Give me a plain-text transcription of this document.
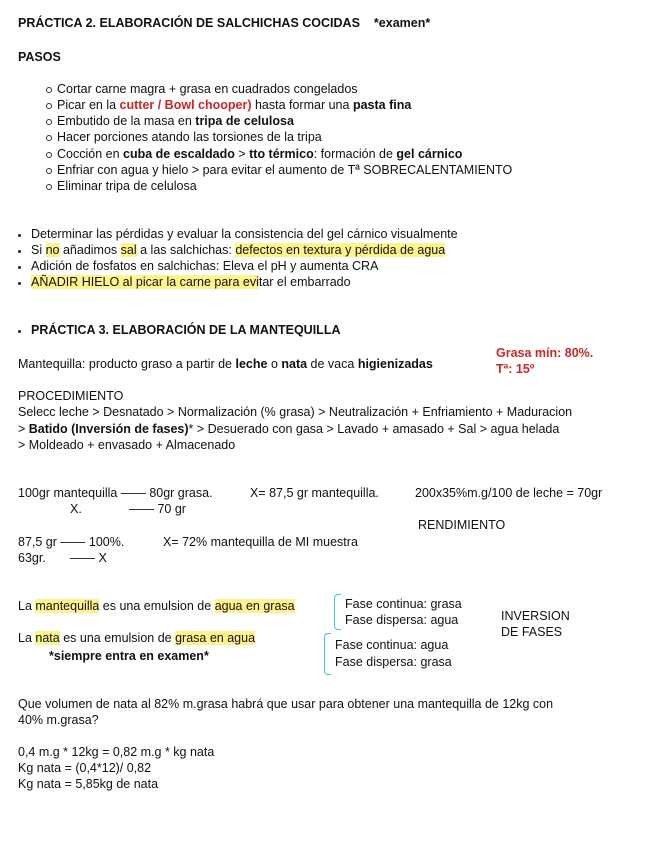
PRÁCTICA 2. ELABORACIÓN DE SALCHICHAS COCIDAS *examen*
PASOS
Cortar carne magra + grasa en cuadrados congelados
Picar en la cutter / Bowl chooper) hasta formar una pasta fina
Embutido de la masa en tripa de celulosa
Hacer porciones atando las torsiones de la tripa
Cocción en cuba de escaldado > tto térmico: formación de gel cárnico
Enfriar con agua y hielo > para evitar el aumento de Tª SOBRECALENTAMIENTO
Eliminar tripa de celulosa
Determinar las pérdidas y evaluar la consistencia del gel cárnico visualmente
Si no añadimos sal a las salchichas: defectos en textura y pérdida de agua
Adición de fosfatos en salchichas: Eleva el pH y aumenta CRA
AÑADIR HIELO al picar la carne para evitar el embarrado
PRÁCTICA 3. ELABORACIÓN DE LA MANTEQUILLA
Mantequilla: producto graso a partir de leche o nata de vaca higienizadas
Grasa mín: 80%.
Tª: 15º
PROCEDIMIENTO
Selecc leche > Desnatado > Normalización (% grasa) > Neutralización + Enfriamiento + Maduracion
> Batido (Inversión de fases)* > Desuerado con gasa > Lavado + amasado + Sal > agua helada
> Moldeado + envasado + Almacenado
100gr mantequilla —— 80gr grasa.	X= 87,5 gr mantequilla.	200x35%m.g/100 de leche = 70gr
X.	—— 70 gr
RENDIMIENTO
87,5 gr —— 100%.	X= 72% mantequilla de MI muestra
63gr. —— X
La mantequilla es una emulsion de agua en grasa	Fase continua: grasa
Fase dispersa: agua	INVERSION
DE FASES
La nata es una emulsion de grasa en agua
*siempre entra en examen*
Fase continua: agua
Fase dispersa: grasa
Que volumen de nata al 82% m.grasa habrá que usar para obtener una mantequilla de 12kg con
40% m.grasa?
0,4 m.g * 12kg = 0,82 m.g * kg nata
Kg nata = (0,4*12)/ 0,82
Kg nata = 5,85kg de nata
